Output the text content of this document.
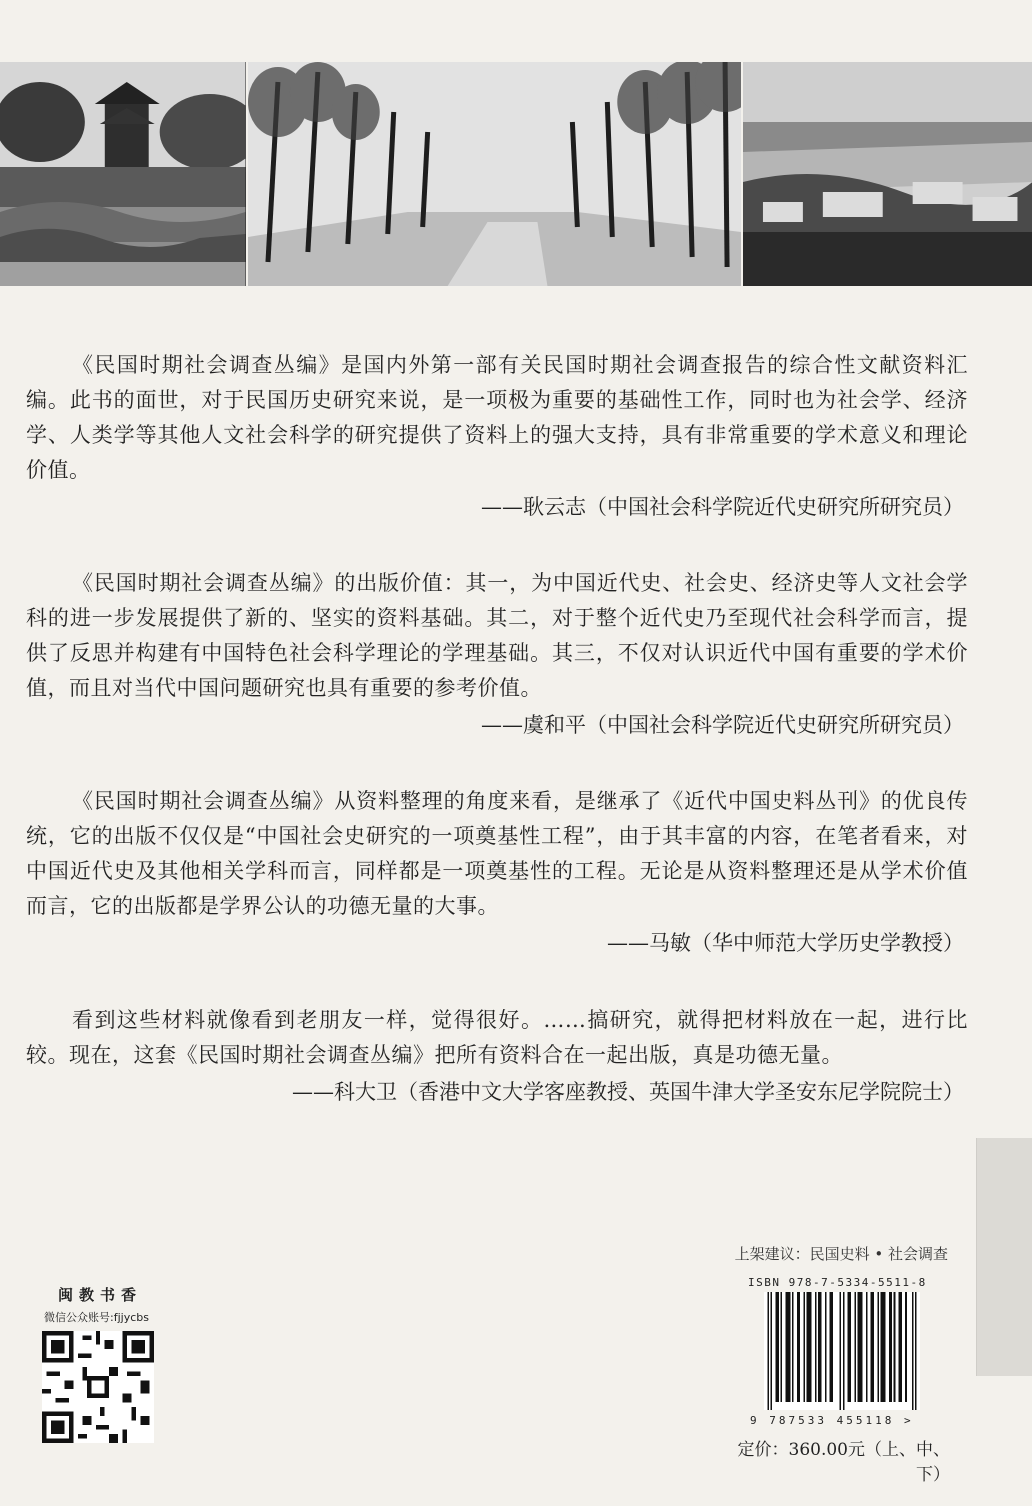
《民国时期社会调查丛编》是国内外第一部有关民国时期社会调查报告的综合性文献资料汇编。此书的面世，对于民国历史研究来说，是一项极为重要的基础性工作，同时也为社会学、经济学、人类学等其他人文社会科学的研究提供了资料上的强大支持，具有非常重要的学术意义和理论价值。

——耿云志（中国社会科学院近代史研究所研究员）

《民国时期社会调查丛编》的出版价值：其一，为中国近代史、社会史、经济史等人文社会学科的进一步发展提供了新的、坚实的资料基础。其二，对于整个近代史乃至现代社会科学而言，提供了反思并构建有中国特色社会科学理论的学理基础。其三，不仅对认识近代中国有重要的学术价值，而且对当代中国问题研究也具有重要的参考价值。

——虞和平（中国社会科学院近代史研究所研究员）

《民国时期社会调查丛编》从资料整理的角度来看，是继承了《近代中国史料丛刊》的优良传统，它的出版不仅仅是“中国社会史研究的一项奠基性工程”，由于其丰富的内容，在笔者看来，对中国近代史及其他相关学科而言，同样都是一项奠基性的工程。无论是从资料整理还是从学术价值而言，它的出版都是学界公认的功德无量的大事。

——马敏（华中师范大学历史学教授）

看到这些材料就像看到老朋友一样，觉得很好。……搞研究，就得把材料放在一起，进行比较。现在，这套《民国时期社会调查丛编》把所有资料合在一起出版，真是功德无量。

——科大卫（香港中文大学客座教授、英国牛津大学圣安东尼学院院士）
闽教书香
微信公众账号:fjjycbs
上架建议：民国史料 • 社会调查
ISBN 978-7-5334-5511-8
9 787533 455118 >
定价：360.00元（上、中、下）
